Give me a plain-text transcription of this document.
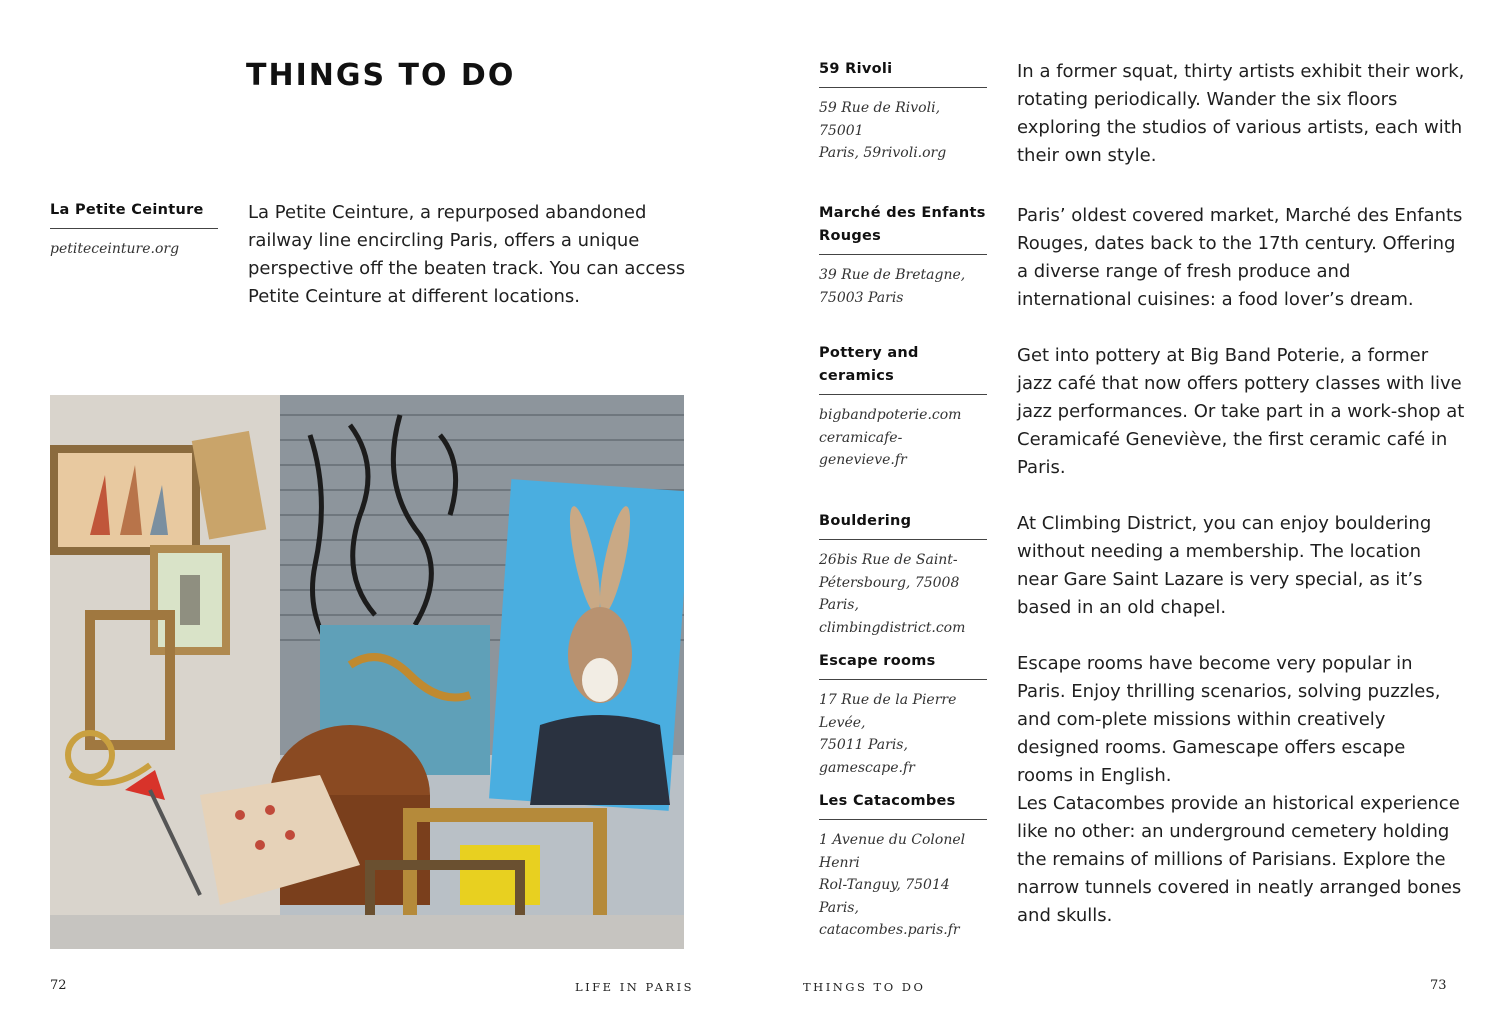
THINGS TO DO
La Petite Ceinture
petiteceinture.org

La Petite Ceinture, a repurposed abandoned railway line encircling Paris, offers a unique perspective off the beaten track. You can access Petite Ceinture at different locations.

72	LIFE IN PARIS
59 Rivoli
59 Rue de Rivoli, 75001
Paris, 59rivoli.org

In a former squat, thirty artists exhibit their work, rotating periodically. Wander the six floors exploring the studios of various artists, each with their own style.

Marché des Enfants Rouges
39 Rue de Bretagne,
75003 Paris

Paris’ oldest covered market, Marché des Enfants Rouges, dates back to the 17th century. Offering a diverse range of fresh produce and international cuisines: a food lover’s dream.

Pottery and ceramics
bigbandpoterie.com
ceramicafe-genevieve.fr

Get into pottery at Big Band Poterie, a former jazz café that now offers pottery classes with live jazz performances. Or take part in a work-shop at Ceramicafé Geneviève, the first ceramic café in Paris.

Bouldering
26bis Rue de Saint-
Pétersbourg, 75008 Paris,
climbingdistrict.com

At Climbing District, you can enjoy bouldering without needing a membership. The location near Gare Saint Lazare is very special, as it’s based in an old chapel.

Escape rooms
17 Rue de la Pierre Levée,
75011 Paris, gamescape.fr

Escape rooms have become very popular in Paris. Enjoy thrilling scenarios, solving puzzles, and com-plete missions within creatively designed rooms. Gamescape offers escape rooms in English.

Les Catacombes
1 Avenue du Colonel Henri
Rol-Tanguy, 75014 Paris,
catacombes.paris.fr

Les Catacombes provide an historical experience like no other: an underground cemetery holding the remains of millions of Parisians. Explore the narrow tunnels covered in neatly arranged bones and skulls.

THINGS TO DO	73
